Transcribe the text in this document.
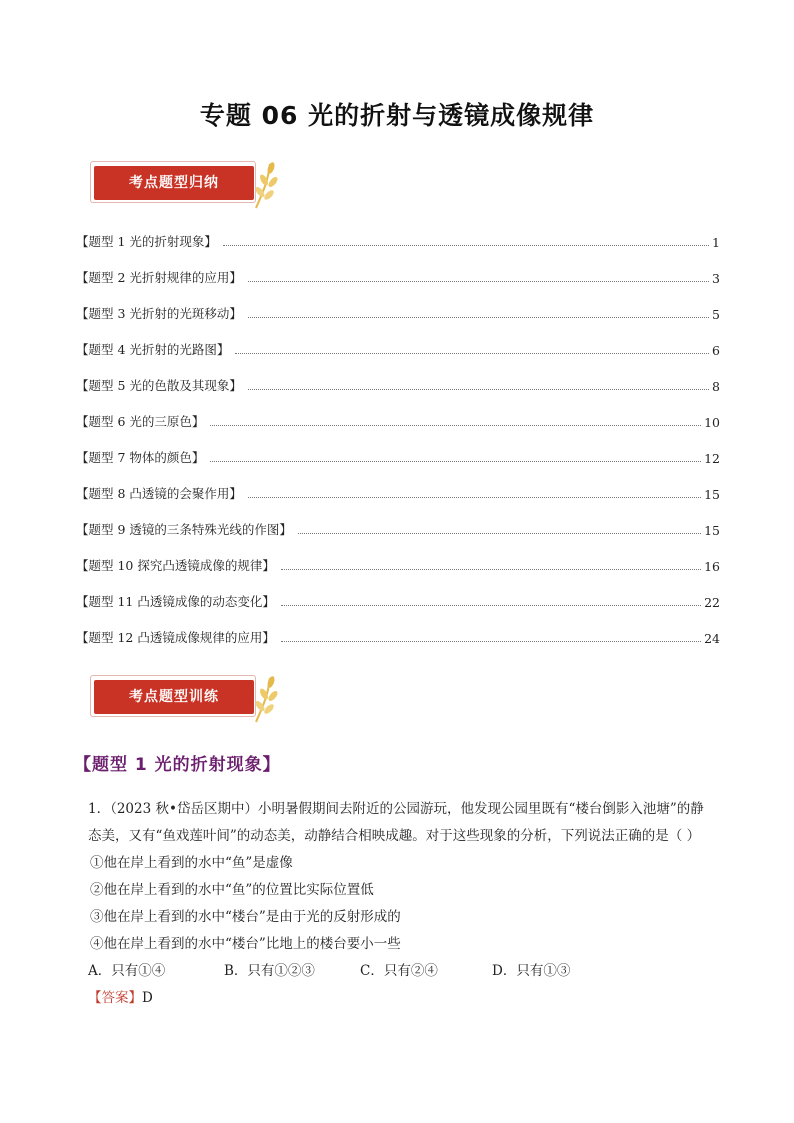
专题 06 光的折射与透镜成像规律
考点题型归纳
【题型 1 光的折射现象】	1
【题型 2 光折射规律的应用】	3
【题型 3 光折射的光斑移动】	5
【题型 4 光折射的光路图】	6
【题型 5 光的色散及其现象】	8
【题型 6 光的三原色】	10
【题型 7 物体的颜色】	12
【题型 8 凸透镜的会聚作用】	15
【题型 9 透镜的三条特殊光线的作图】	15
【题型 10 探究凸透镜成像的规律】	16
【题型 11 凸透镜成像的动态变化】	22
【题型 12 凸透镜成像规律的应用】	24
考点题型训练
【题型 1 光的折射现象】
1．（2023 秋•岱岳区期中）小明暑假期间去附近的公园游玩，他发现公园里既有“楼台倒影入池塘”的静
态美，又有“鱼戏莲叶间”的动态美，动静结合相映成趣。对于这些现象的分析，下列说法正确的是（ ）
①他在岸上看到的水中“鱼”是虚像
②他在岸上看到的水中“鱼”的位置比实际位置低
③他在岸上看到的水中“楼台”是由于光的反射形成的
④他在岸上看到的水中“楼台”比地上的楼台要小一些
A．只有①④	B．只有①②③	C．只有②④	D．只有①③
【答案】D
